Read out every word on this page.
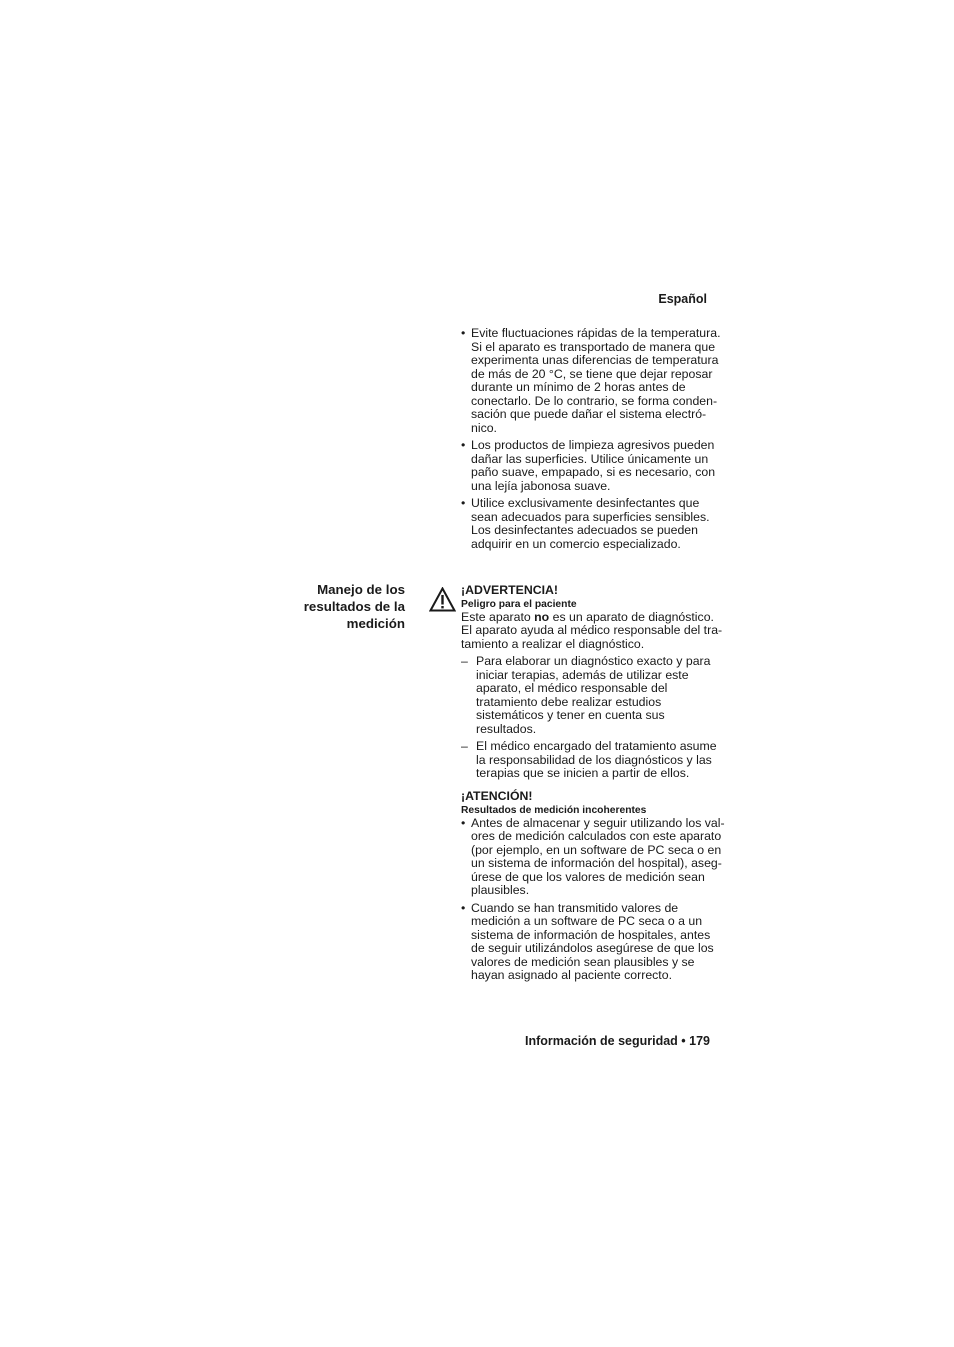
Español
• Evite fluctuaciones rápidas de la temperatura.
Si el aparato es transportado de manera que
experimenta unas diferencias de temperatura
de más de 20 °C, se tiene que dejar reposar
durante un mínimo de 2 horas antes de
conectarlo. De lo contrario, se forma conden-
sación que puede dañar el sistema electró-
nico.
• Los productos de limpieza agresivos pueden
dañar las superficies. Utilice únicamente un
paño suave, empapado, si es necesario, con
una lejía jabonosa suave.
• Utilice exclusivamente desinfectantes que
sean adecuados para superficies sensibles.
Los desinfectantes adecuados se pueden
adquirir en un comercio especializado.
Manejo de los
resultados de la
medición
¡ADVERTENCIA!
Peligro para el paciente
Este aparato no es un aparato de diagnóstico.
El aparato ayuda al médico responsable del tra-
tamiento a realizar el diagnóstico.
– Para elaborar un diagnóstico exacto y para
iniciar terapias, además de utilizar este
aparato, el médico responsable del
tratamiento debe realizar estudios
sistemáticos y tener en cuenta sus
resultados.
– El médico encargado del tratamiento asume
la responsabilidad de los diagnósticos y las
terapias que se inicien a partir de ellos.
¡ATENCIÓN!
Resultados de medición incoherentes
• Antes de almacenar y seguir utilizando los val-
ores de medición calculados con este aparato
(por ejemplo, en un software de PC seca o en
un sistema de información del hospital), aseg-
úrese de que los valores de medición sean
plausibles.
• Cuando se han transmitido valores de
medición a un software de PC seca o a un
sistema de información de hospitales, antes
de seguir utilizándolos asegúrese de que los
valores de medición sean plausibles y se
hayan asignado al paciente correcto.
Información de seguridad • 179
